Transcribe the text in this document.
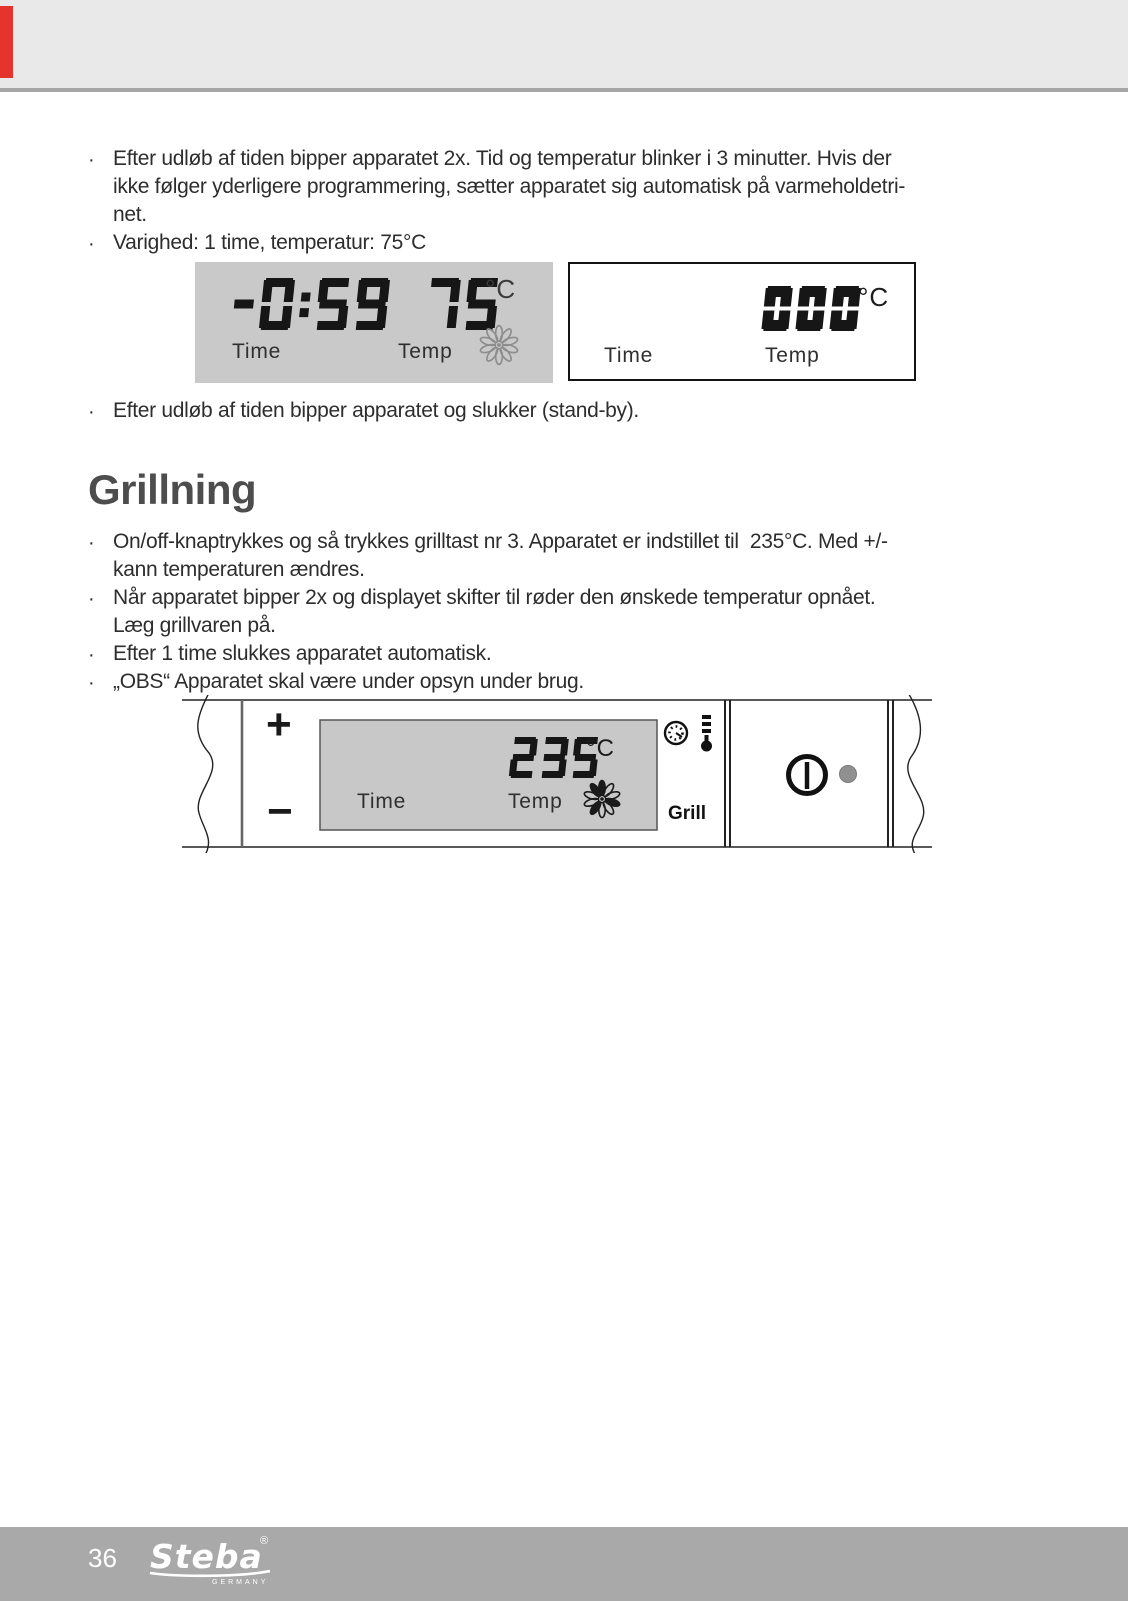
· Efter udløb af tiden bipper apparatet 2x. Tid og temperatur blinker i 3 minutter. Hvis der
ikke følger yderligere programmering, sætter apparatet sig automatisk på varmeholdetri-
net.
· Varighed: 1 time, temperatur: 75°C
°C
Time	Temp
°C
Time	Temp
· Efter udløb af tiden bipper apparatet og slukker (stand-by).
Grillning
· On/off-knaptrykkes og så trykkes grilltast nr 3. Apparatet er indstillet til  235°C. Med +/-
kann temperaturen ændres.
· Når apparatet bipper 2x og displayet skifter til røder den ønskede temperatur opnået.
Læg grillvaren på.
· Efter 1 time slukkes apparatet automatisk.
· „OBS“ Apparatet skal være under opsyn under brug.
+
−
°C
Time	Temp
Grill
36 Steba
®
GERMANY
